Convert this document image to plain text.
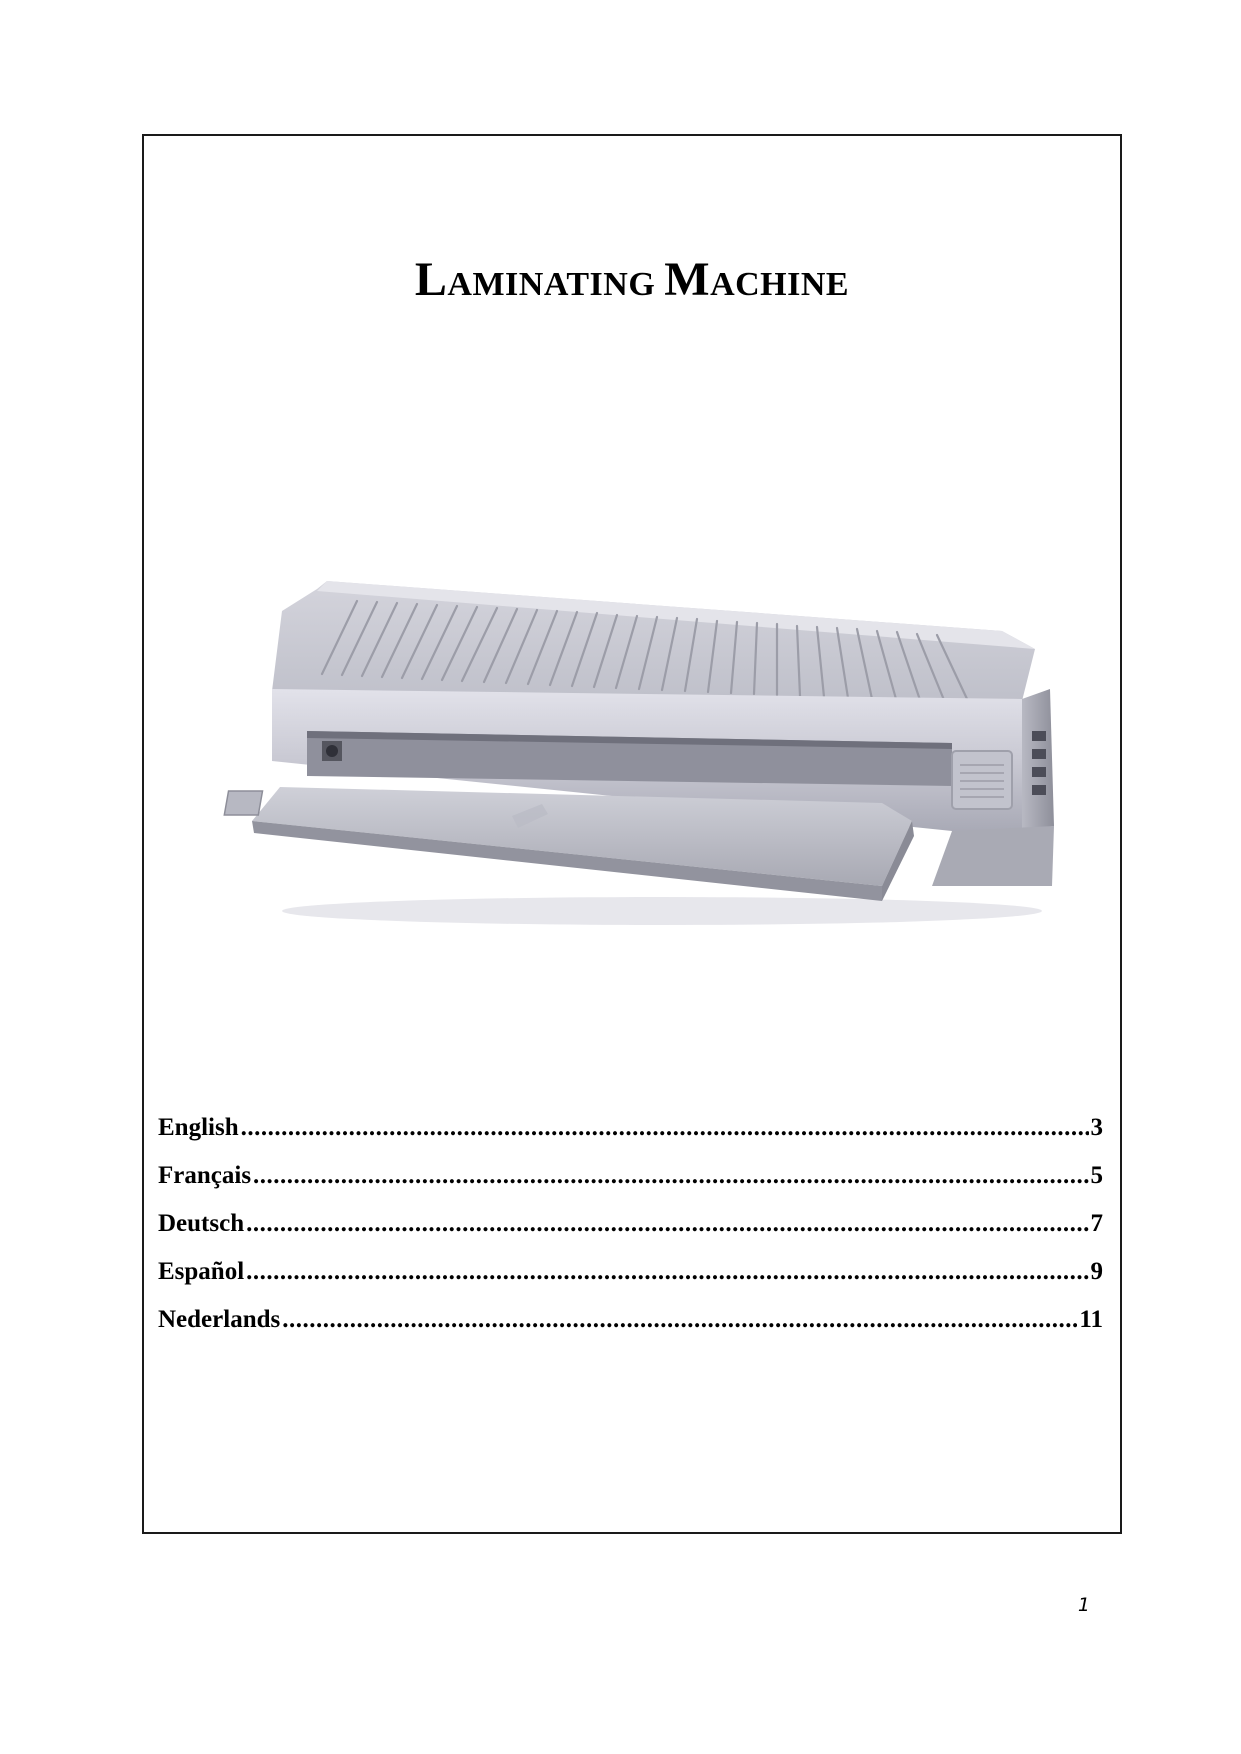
LAMINATING MACHINE
English .....	3
Français .....	5
Deutsch .....	7
Español .....	9
Nederlands .....	11
1
